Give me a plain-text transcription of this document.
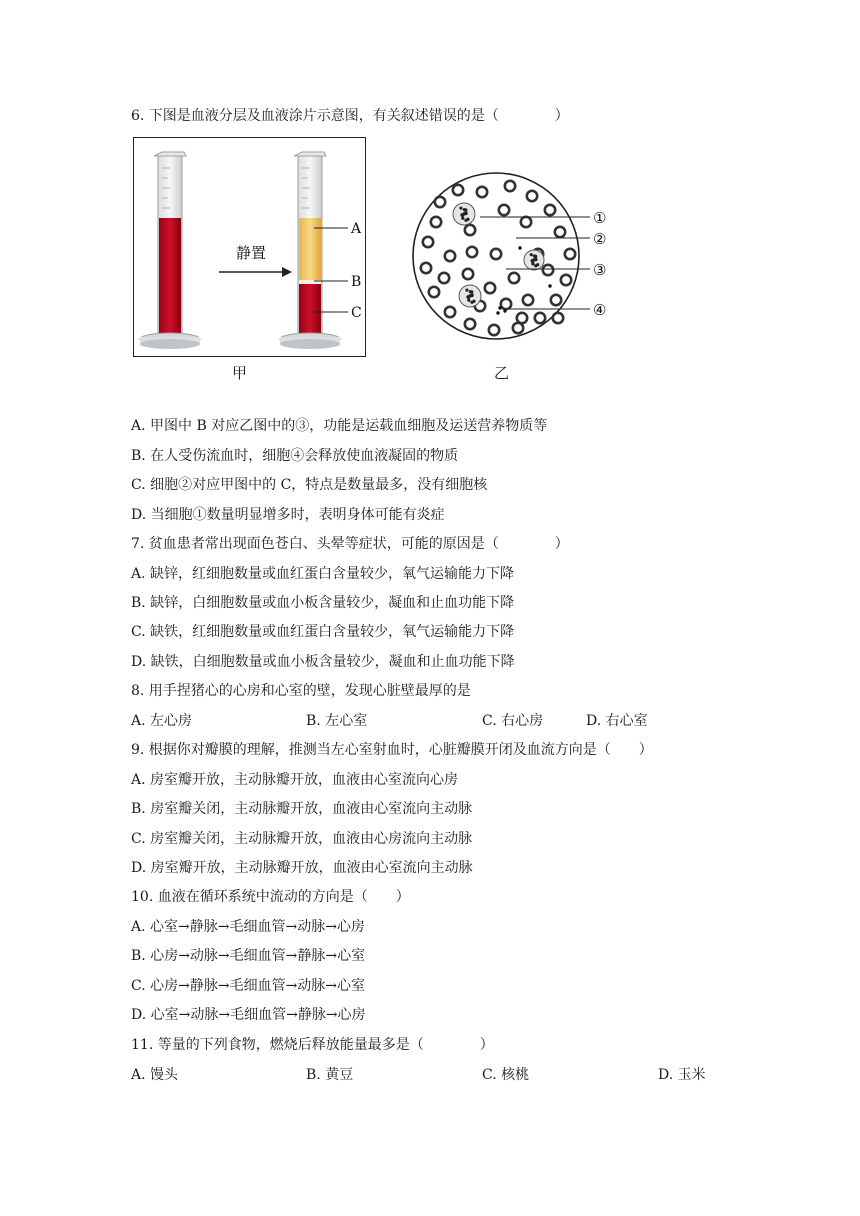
6. 下图是血液分层及血液涂片示意图，有关叙述错误的是（　　　　）
静置
A
B
C
①
②
③
④
甲	乙
A. 甲图中 B 对应乙图中的③，功能是运载血细胞及运送营养物质等
B. 在人受伤流血时，细胞④会释放使血液凝固的物质
C. 细胞②对应甲图中的 C，特点是数量最多，没有细胞核
D. 当细胞①数量明显增多时，表明身体可能有炎症
7. 贫血患者常出现面色苍白、头晕等症状，可能的原因是（　　　　）
A. 缺锌，红细胞数量或血红蛋白含量较少，氧气运输能力下降
B. 缺锌，白细胞数量或血小板含量较少，凝血和止血功能下降
C. 缺铁，红细胞数量或血红蛋白含量较少，氧气运输能力下降
D. 缺铁，白细胞数量或血小板含量较少，凝血和止血功能下降
8. 用手捏猪心的心房和心室的壁，发现心脏壁最厚的是
A. 左心房	B. 左心室	C. 右心房	D. 右心室
9. 根据你对瓣膜的理解，推测当左心室射血时，心脏瓣膜开闭及血流方向是（　　）
A. 房室瓣开放，主动脉瓣开放，血液由心室流向心房
B. 房室瓣关闭，主动脉瓣开放，血液由心室流向主动脉
C. 房室瓣关闭，主动脉瓣开放，血液由心房流向主动脉
D. 房室瓣开放，主动脉瓣开放，血液由心室流向主动脉
10. 血液在循环系统中流动的方向是（　　）
A. 心室→静脉→毛细血管→动脉→心房
B. 心房→动脉→毛细血管→静脉→心室
C. 心房→静脉→毛细血管→动脉→心室
D. 心室→动脉→毛细血管→静脉→心房
11. 等量的下列食物，燃烧后释放能量最多是（　　　　）
A. 馒头	B. 黄豆	C. 核桃	D. 玉米
